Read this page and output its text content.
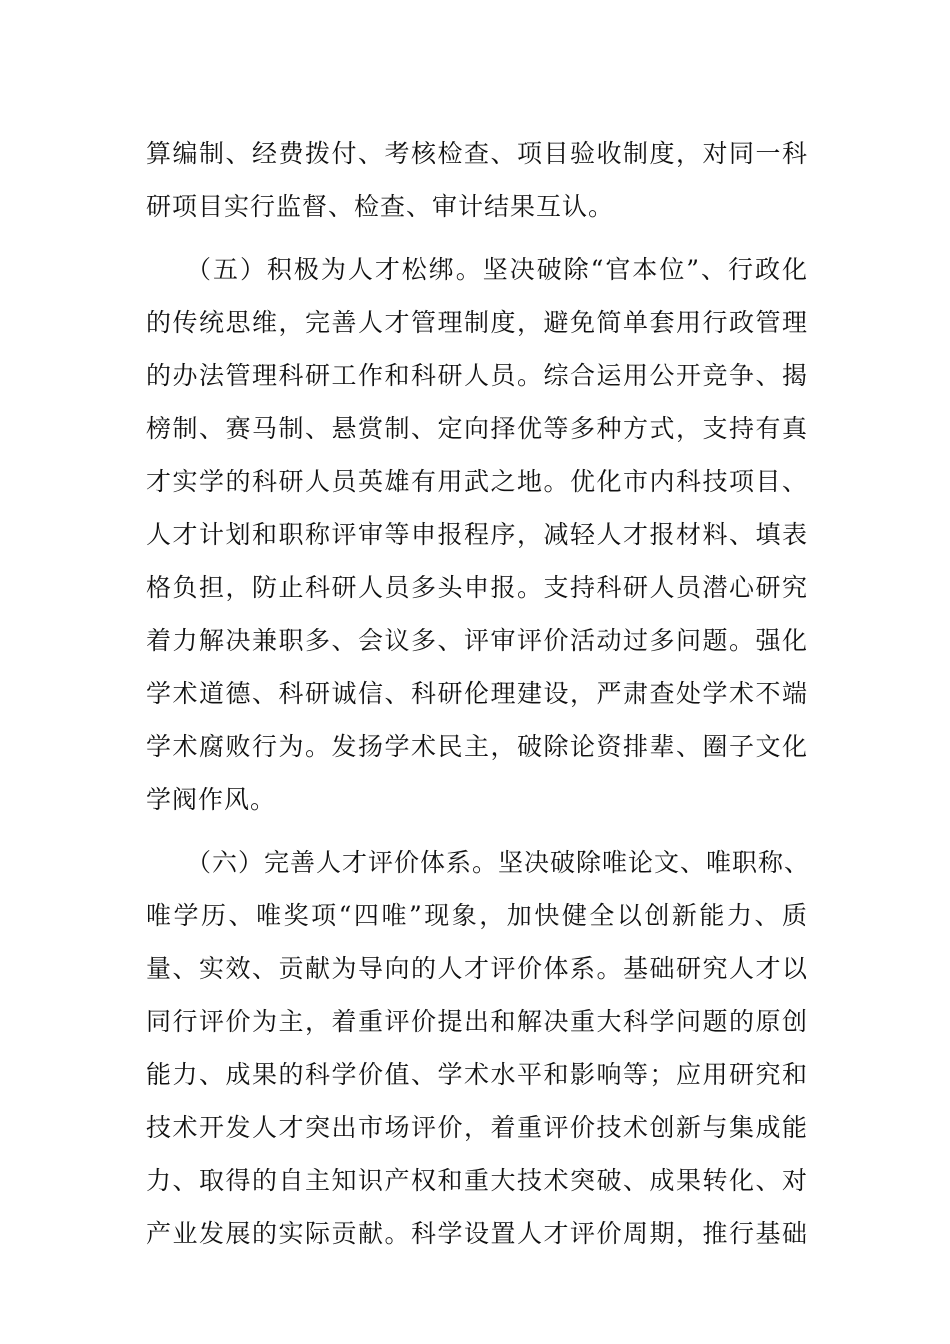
算编制、经费拨付、考核检查、项目验收制度，对同一科
研项目实行监督、检查、审计结果互认。
（五）积极为人才松绑。坚决破除“官本位”、行政化
的传统思维，完善人才管理制度，避免简单套用行政管理
的办法管理科研工作和科研人员。综合运用公开竞争、揭
榜制、赛马制、悬赏制、定向择优等多种方式，支持有真
才实学的科研人员英雄有用武之地。优化市内科技项目、
人才计划和职称评审等申报程序，减轻人才报材料、填表
格负担，防止科研人员多头申报。支持科研人员潜心研究
着力解决兼职多、会议多、评审评价活动过多问题。强化
学术道德、科研诚信、科研伦理建设，严肃查处学术不端
学术腐败行为。发扬学术民主，破除论资排辈、圈子文化
学阀作风。
（六）完善人才评价体系。坚决破除唯论文、唯职称、
唯学历、唯奖项“四唯”现象，加快健全以创新能力、质
量、实效、贡献为导向的人才评价体系。基础研究人才以
同行评价为主，着重评价提出和解决重大科学问题的原创
能力、成果的科学价值、学术水平和影响等；应用研究和
技术开发人才突出市场评价，着重评价技术创新与集成能
力、取得的自主知识产权和重大技术突破、成果转化、对
产业发展的实际贡献。科学设置人才评价周期，推行基础
